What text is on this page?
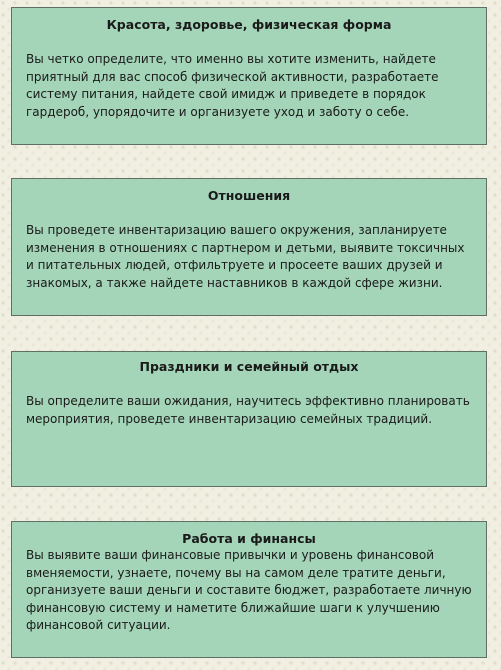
Красота, здоровье, физическая форма

Вы четко определите, что именно вы хотите изменить, найдете приятный для вас способ физической активности, разработаете систему питания, найдете свой имидж и приведете в порядок гардероб, упорядочите и организуете уход и заботу о себе.

Отношения

Вы проведете инвентаризацию вашего окружения, запланируете изменения в отношениях с партнером и детьми, выявите токсичных и питательных людей, отфильтруете и просеете ваших друзей и знакомых, а также найдете наставников в каждой сфере жизни.

Праздники и семейный отдых

Вы определите ваши ожидания, научитесь эффективно планировать мероприятия, проведете инвентаризацию семейных традиций.

Работа и финансы

Вы выявите ваши финансовые привычки и уровень финансовой вменяемости, узнаете, почему вы на самом деле тратите деньги, организуете ваши деньги и составите бюджет, разработаете личную финансовую систему и наметите ближайшие шаги к улучшению финансовой ситуации.
